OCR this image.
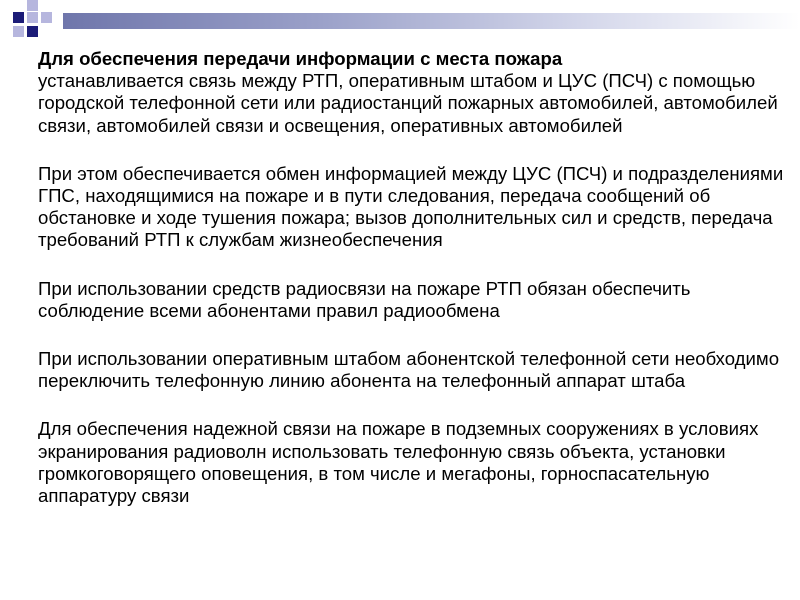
Для обеспечения передачи информации с места пожара
устанавливается связь между РТП, оперативным штабом и ЦУС (ПСЧ) с помощью городской телефонной сети или радиостанций пожарных автомобилей, автомобилей связи, автомобилей связи и освещения, оперативных автомобилей

При этом обеспечивается обмен информацией между ЦУС (ПСЧ) и подразделениями ГПС, находящимися на пожаре и в пути следования, передача сообщений об обстановке и ходе тушения пожара; вызов дополнительных сил и средств, передача требований РТП к службам жизнеобеспечения

При использовании средств радиосвязи на пожаре РТП обязан обеспечить соблюдение всеми абонентами правил радиообмена

При использовании оперативным штабом абонентской телефонной сети необходимо переключить телефонную линию абонента на телефонный аппарат штаба

Для обеспечения надежной связи на пожаре в подземных сооружениях в условиях экранирования радиоволн использовать телефонную связь объекта, установки громкоговорящего оповещения, в том числе и мегафоны, горноспасательную аппаратуру связи
